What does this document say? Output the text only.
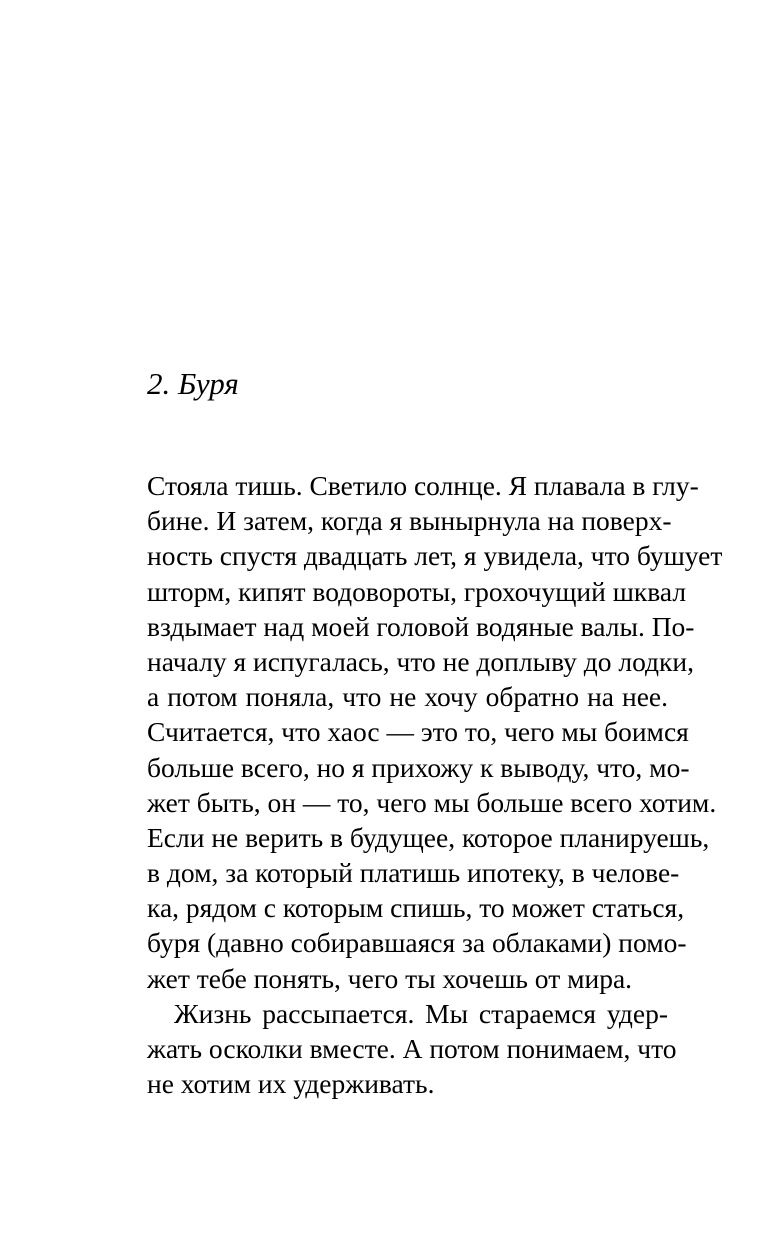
2. Буря
Стояла тишь. Светило солнце. Я плавала в глу-
бине. И затем, когда я вынырнула на поверх-
ность спустя двадцать лет, я увидела, что бушует
шторм, кипят водовороты, грохочущий шквал
вздымает над моей головой водяные валы. По-
началу я испугалась, что не доплыву до лодки,
а потом поняла, что не хочу обратно на нее.
Считается, что хаос — это то, чего мы боимся
больше всего, но я прихожу к выводу, что, мо-
жет быть, он — то, чего мы больше всего хотим.
Если не верить в будущее, которое планируешь,
в дом, за который платишь ипотеку, в челове-
ка, рядом с которым спишь, то может статься,
буря (давно собиравшаяся за облаками) помо-
жет тебе понять, чего ты хочешь от мира.
Жизнь рассыпается. Мы стараемся удер-
жать осколки вместе. А потом понимаем, что
не хотим их удерживать.
